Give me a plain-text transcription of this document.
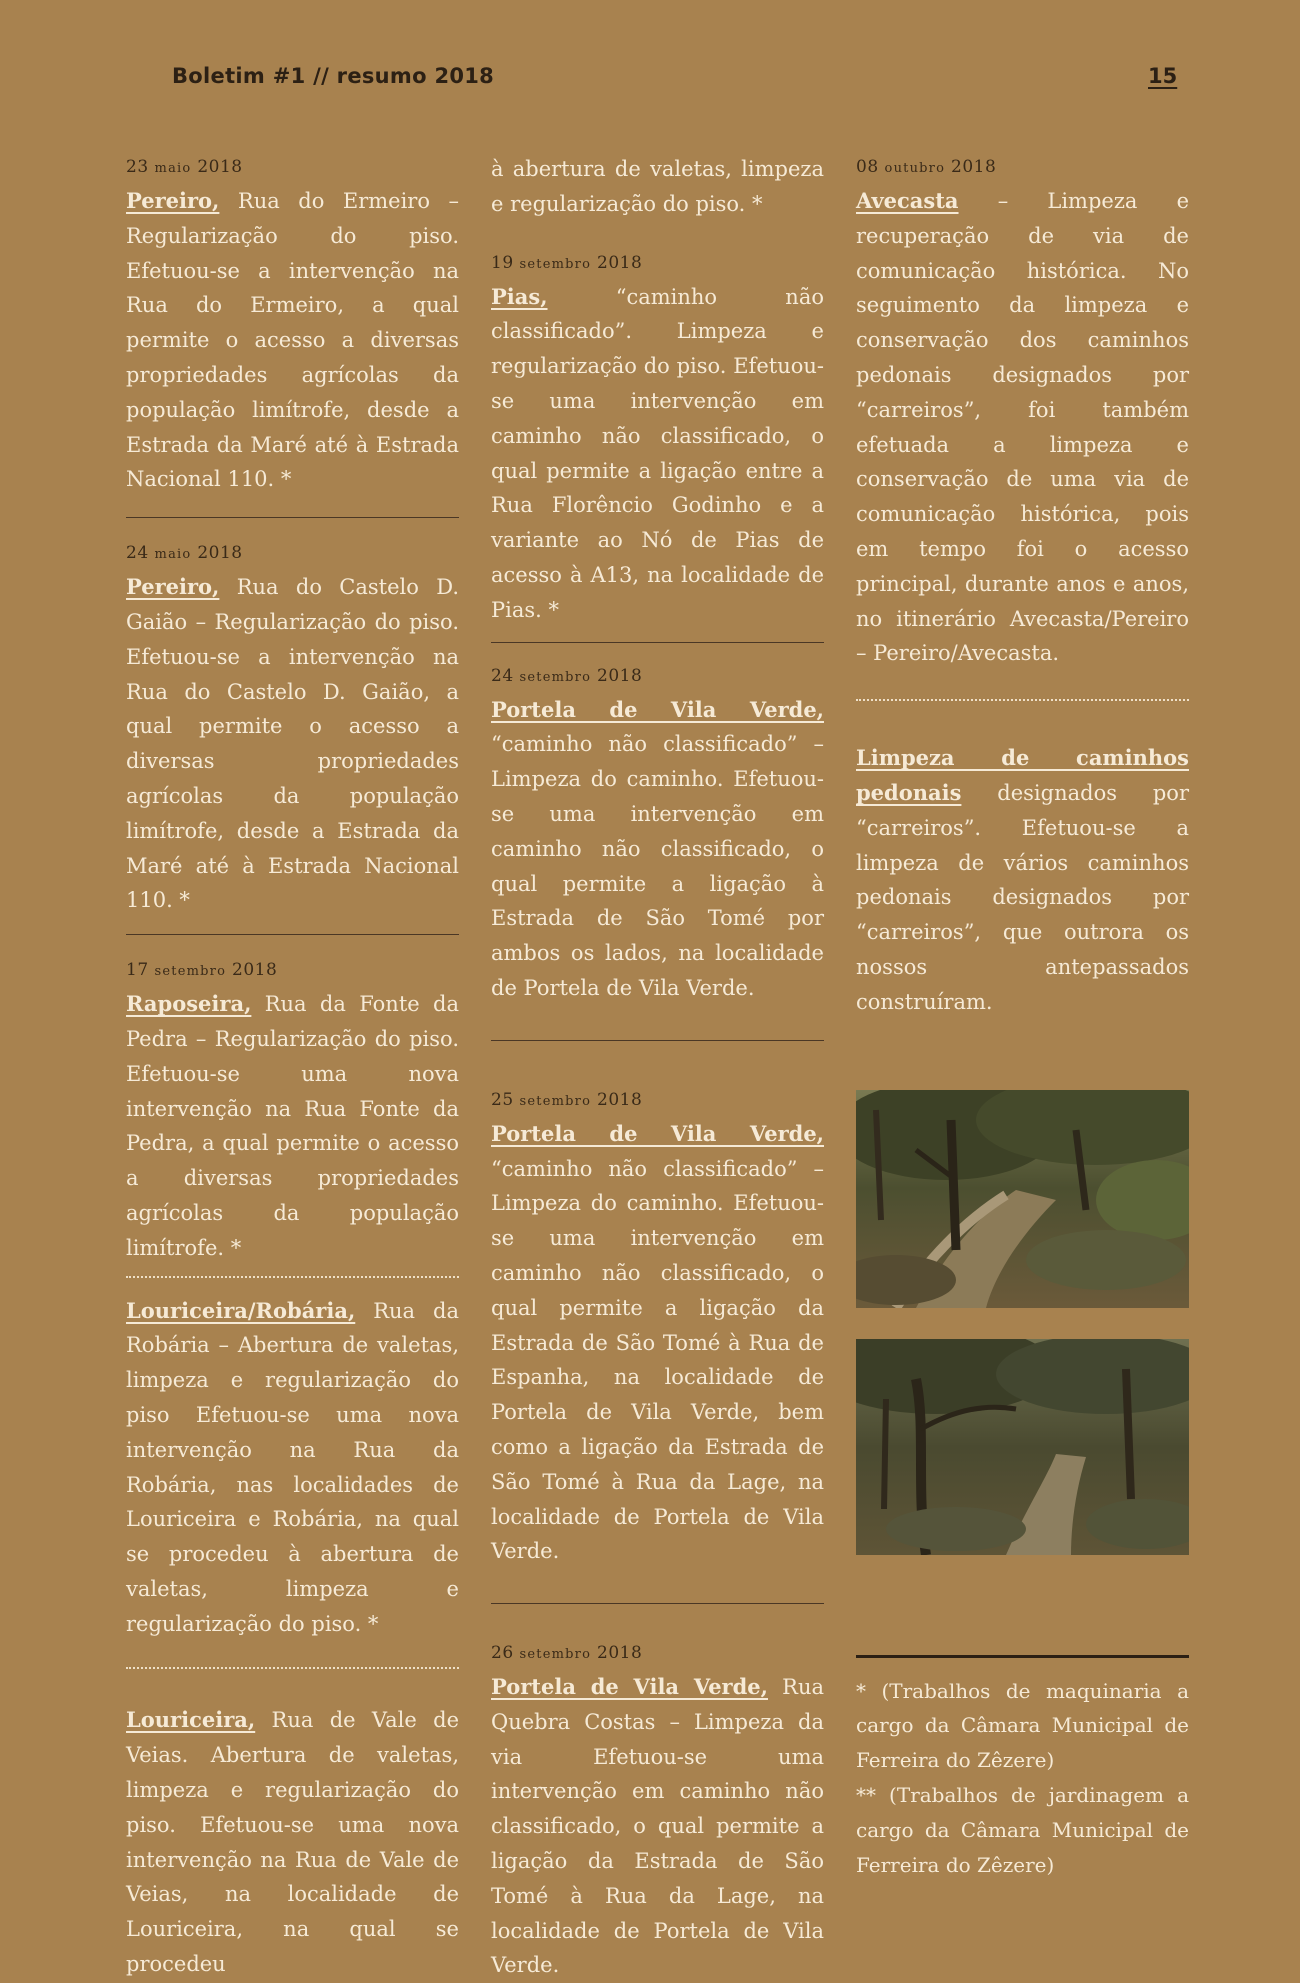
Boletim #1 // resumo 2018	15

23 maio 2018

Pereiro, Rua do Ermeiro – Regularização do piso. Efetuou-se a intervenção na Rua do Ermeiro, a qual permite o acesso a diversas propriedades agrícolas da população limítrofe, desde a Estrada da Maré até à Estrada Nacional 110. *

24 maio 2018

Pereiro, Rua do Castelo D. Gaião – Regularização do piso. Efetuou-se a intervenção na Rua do Castelo D. Gaião, a qual permite o acesso a diversas propriedades agrícolas da população limítrofe, desde a Estrada da Maré até à Estrada Nacional 110. *

17 setembro 2018

Raposeira, Rua da Fonte da Pedra – Regularização do piso. Efetuou-se uma nova intervenção na Rua Fonte da Pedra, a qual permite o acesso a diversas propriedades agrícolas da população limítrofe. *

Louriceira/Robária, Rua da Robária – Abertura de valetas, limpeza e regularização do piso Efetuou-se uma nova intervenção na Rua da Robária, nas localidades de Louriceira e Robária, na qual se procedeu à abertura de valetas, limpeza e regularização do piso. *

Louriceira, Rua de Vale de Veias. Abertura de valetas, limpeza e regularização do piso. Efetuou-se uma nova intervenção na Rua de Vale de Veias, na localidade de Louriceira, na qual se procedeu

à abertura de valetas, limpeza e regularização do piso. *

19 setembro 2018

Pias, “caminho não classificado”. Limpeza e regularização do piso. Efetuou-se uma intervenção em caminho não classificado, o qual permite a ligação entre a Rua Florêncio Godinho e a variante ao Nó de Pias de acesso à A13, na localidade de Pias. *

24 setembro 2018

Portela de Vila Verde, “caminho não classificado” – Limpeza do caminho. Efetuou-se uma intervenção em caminho não classificado, o qual permite a ligação à Estrada de São Tomé por ambos os lados, na localidade de Portela de Vila Verde.

25 setembro 2018

Portela de Vila Verde, “caminho não classificado” – Limpeza do caminho. Efetuou-se uma intervenção em caminho não classificado, o qual permite a ligação da Estrada de São Tomé à Rua de Espanha, na localidade de Portela de Vila Verde, bem como a ligação da Estrada de São Tomé à Rua da Lage, na localidade de Portela de Vila Verde.

26 setembro 2018

Portela de Vila Verde, Rua Quebra Costas – Limpeza da via Efetuou-se uma intervenção em caminho não classificado, o qual permite a ligação da Estrada de São Tomé à Rua da Lage, na localidade de Portela de Vila Verde.

08 outubro 2018

Avecasta – Limpeza e recuperação de via de comunicação histórica. No seguimento da limpeza e conservação dos caminhos pedonais designados por “carreiros”, foi também efetuada a limpeza e conservação de uma via de comunicação histórica, pois em tempo foi o acesso principal, durante anos e anos, no itinerário Avecasta/Pereiro – Pereiro/Avecasta.

Limpeza de caminhos pedonais designados por “carreiros”. Efetuou-se a limpeza de vários caminhos pedonais designados por “carreiros”, que outrora os nossos antepassados construíram.

* (Trabalhos de maquinaria a cargo da Câmara Municipal de Ferreira do Zêzere)

** (Trabalhos de jardinagem a cargo da Câmara Municipal de Ferreira do Zêzere)
